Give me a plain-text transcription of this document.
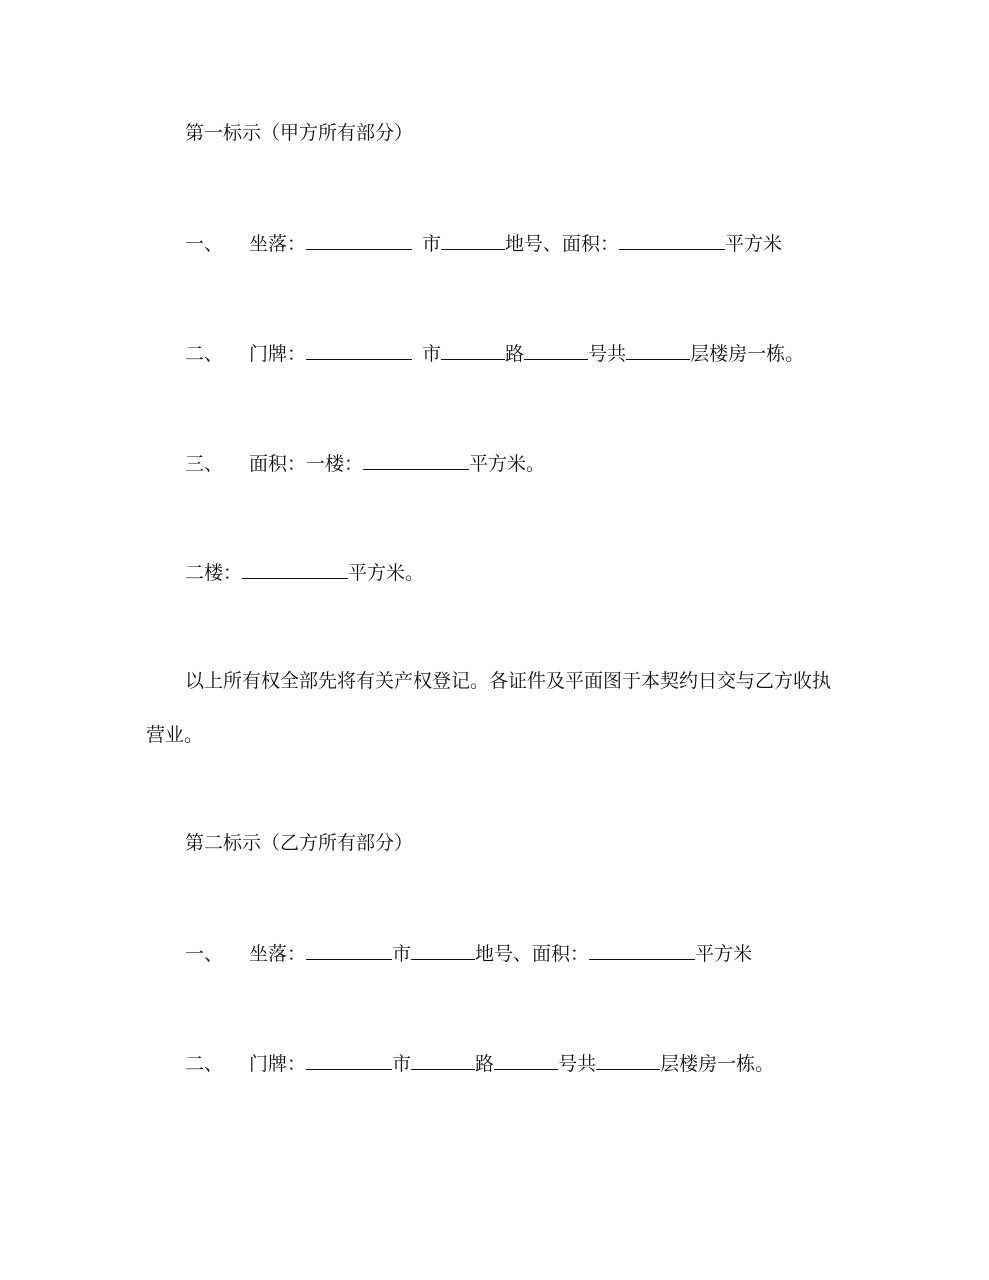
第一标示（甲方所有部分）
一、 坐落：	市	地号、面积：	平方米
二、 门牌：	市	路	号共	层楼房一栋。
三、 面积：一楼：	平方米。
二楼：	平方米。
以上所有权全部先将有关产权登记。各证件及平面图于本契约日交与乙方收执
营业。
第二标示（乙方所有部分）
一、 坐落：	市	地号、面积：	平方米
二、 门牌：	市	路	号共	层楼房一栋。
